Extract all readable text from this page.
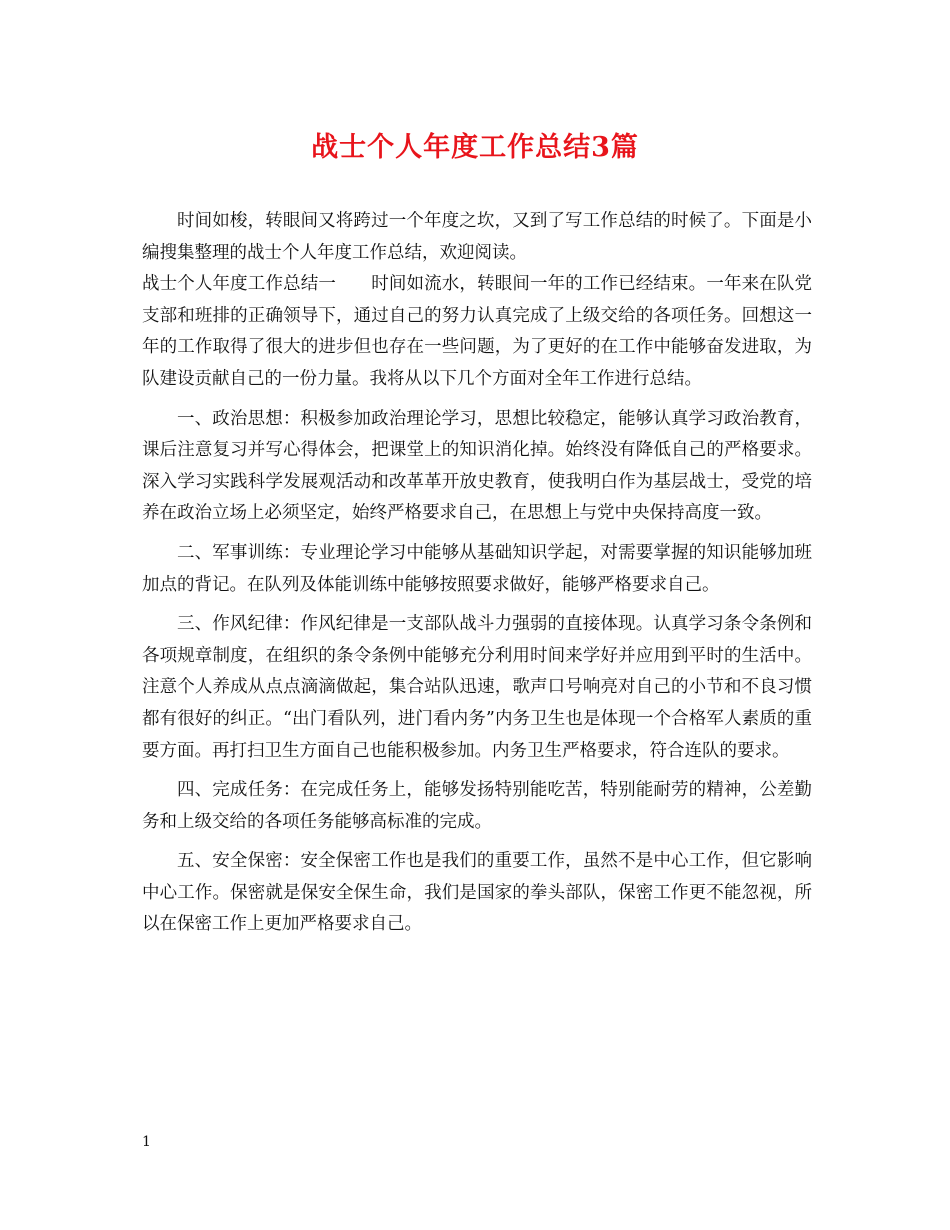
战士个人年度工作总结3篇

时间如梭，转眼间又将跨过一个年度之坎，又到了写工作总结的时候了。下面是小编搜集整理的战士个人年度工作总结，欢迎阅读。

战士个人年度工作总结一　　时间如流水，转眼间一年的工作已经结束。一年来在队党支部和班排的正确领导下，通过自己的努力认真完成了上级交给的各项任务。回想这一年的工作取得了很大的进步但也存在一些问题，为了更好的在工作中能够奋发进取，为队建设贡献自己的一份力量。我将从以下几个方面对全年工作进行总结。

一、政治思想：积极参加政治理论学习，思想比较稳定，能够认真学习政治教育，课后注意复习并写心得体会，把课堂上的知识消化掉。始终没有降低自己的严格要求。深入学习实践科学发展观活动和改革革开放史教育，使我明白作为基层战士，受党的培养在政治立场上必须坚定，始终严格要求自己，在思想上与党中央保持高度一致。

二、军事训练：专业理论学习中能够从基础知识学起，对需要掌握的知识能够加班加点的背记。在队列及体能训练中能够按照要求做好，能够严格要求自己。

三、作风纪律：作风纪律是一支部队战斗力强弱的直接体现。认真学习条令条例和各项规章制度，在组织的条令条例中能够充分利用时间来学好并应用到平时的生活中。注意个人养成从点点滴滴做起，集合站队迅速，歌声口号响亮对自己的小节和不良习惯都有很好的纠正。“出门看队列，进门看内务”内务卫生也是体现一个合格军人素质的重要方面。再打扫卫生方面自己也能积极参加。内务卫生严格要求，符合连队的要求。

四、完成任务：在完成任务上，能够发扬特别能吃苦，特别能耐劳的精神，公差勤务和上级交给的各项任务能够高标准的完成。

五、安全保密：安全保密工作也是我们的重要工作，虽然不是中心工作，但它影响中心工作。保密就是保安全保生命，我们是国家的拳头部队，保密工作更不能忽视，所以在保密工作上更加严格要求自己。

1
